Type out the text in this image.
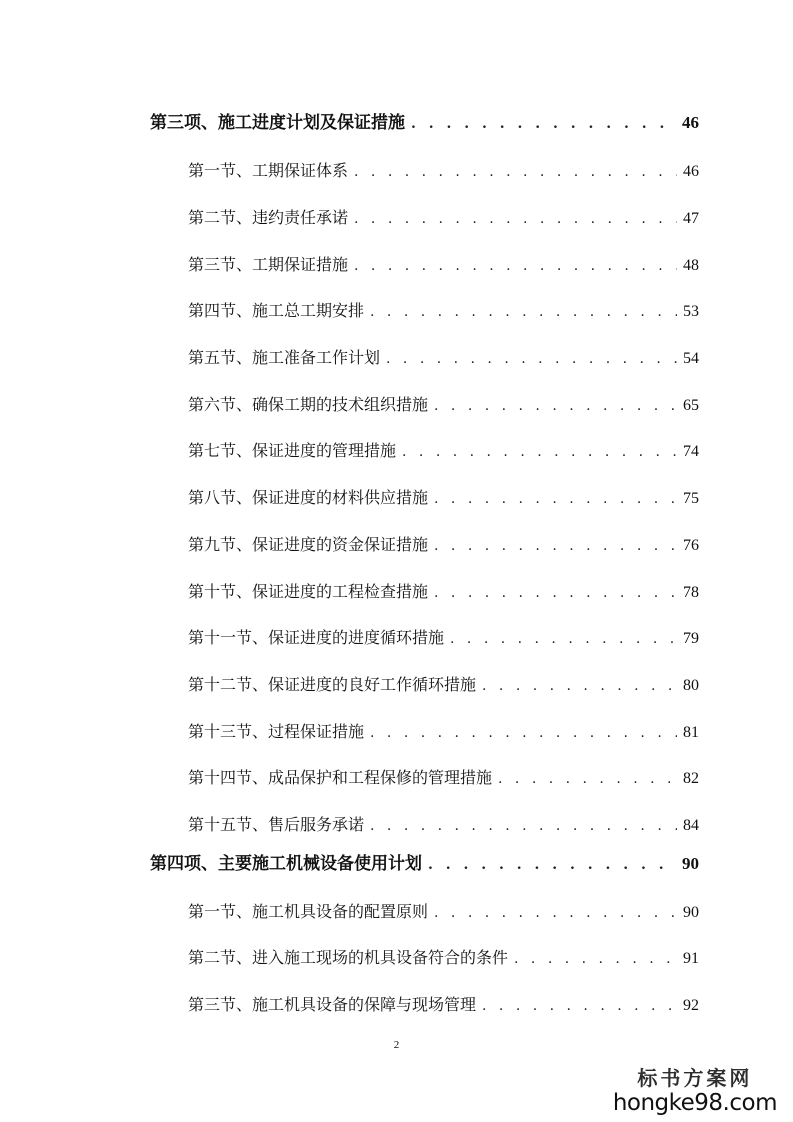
第三项、施工进度计划及保证措施 . . .	46
第一节、工期保证体系 . . .	46
第二节、违约责任承诺 . . .	47
第三节、工期保证措施 . . .	48
第四节、施工总工期安排 . . .	53
第五节、施工准备工作计划 . . .	54
第六节、确保工期的技术组织措施 . . .	65
第七节、保证进度的管理措施 . . .	74
第八节、保证进度的材料供应措施 . . .	75
第九节、保证进度的资金保证措施 . . .	76
第十节、保证进度的工程检查措施 . . .	78
第十一节、保证进度的进度循环措施 . . .	79
第十二节、保证进度的良好工作循环措施 . . .	80
第十三节、过程保证措施 . . .	81
第十四节、成品保护和工程保修的管理措施 . . .	82
第十五节、售后服务承诺 . . .	84
第四项、主要施工机械设备使用计划 . . .	90
第一节、施工机具设备的配置原则 . . .	90
第二节、进入施工现场的机具设备符合的条件 . . .	91
第三节、施工机具设备的保障与现场管理 . . .	92
2
标书方案网
hongke98.com
